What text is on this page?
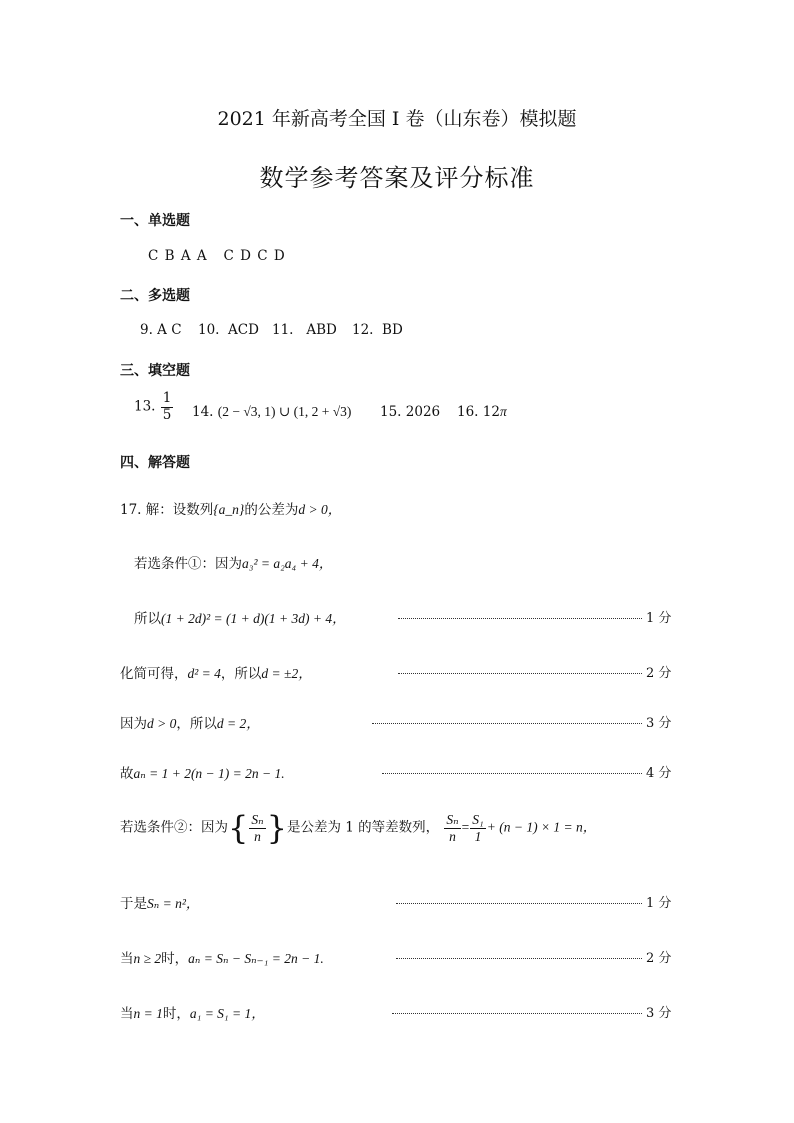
2021 年新高考全国 I 卷（山东卷）模拟题
数学参考答案及评分标准
一、单选题
C B A A   C D C D
二、多选题
9. A C 10.  ACD 11.   ABD 12.  BD
三、填空题
13. $\frac{1}{5} 14$. (2 − √3, 1) ∪ (1, 2 + √3) 15. 2026 16. 12π
四、解答题
17. 解：设数列{a_n}的公差为d > 0，
若选条件①：因为a₃² = a₂a₄ + 4，
所以(1 + 2d)² = (1 + d)(1 + 3d) + 4，	1 分
化简可得，d² = 4，所以d = ±2，	2 分
因为d > 0，所以d = 2，	3 分
故aₙ = 1 + 2(n − 1) = 2n − 1.	4 分
若选条件②：因为{ $\frac{\text{Sₙ}}{n}$ }是公差为 1 的等差数列， $\frac{\text{Sₙ}}{n} = \frac{\text{S₁}}{1} + (n - 1) \times 1 = n$，
于是Sₙ = n²，	1 分
当n ≥ 2时，aₙ = Sₙ − Sₙ₋₁ = 2n − 1.	2 分
当n = 1时，a₁ = S₁ = 1，	3 分
